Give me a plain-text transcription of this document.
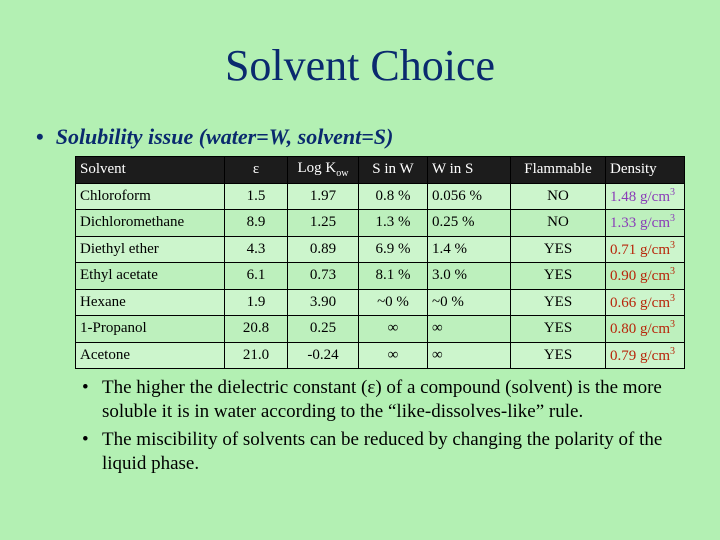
Solvent Choice
• Solubility issue (water=W, solvent=S)
Solvent	ε	Log $K_{ow}$	S in W	W in S	Flammable	Density
Chloroform	1.5	1.97	0.8 %	0.056 %	NO	1.48 $g/cm^3$
Dichloromethane	8.9	1.25	1.3 %	0.25 %	NO	1.33 $g/cm^3$
Diethyl ether	4.3	0.89	6.9 %	1.4 %	YES	0.71 $g/cm^3$
Ethyl acetate	6.1	0.73	8.1 %	3.0 %	YES	0.90 $g/cm^3$
Hexane	1.9	3.90	~0 %	~0 %	YES	0.66 $g/cm^3$
1-Propanol	20.8	0.25	∞	∞	YES	0.80 $g/cm^3$
Acetone	21.0	-0.24	∞	∞	YES	0.79 $g/cm^3$
• The higher the dielectric constant (ε) of a compound (solvent) is the more soluble it is in water according to the “like-dissolves-like” rule.
• The miscibility of solvents can be reduced by changing the polarity of the liquid phase.
